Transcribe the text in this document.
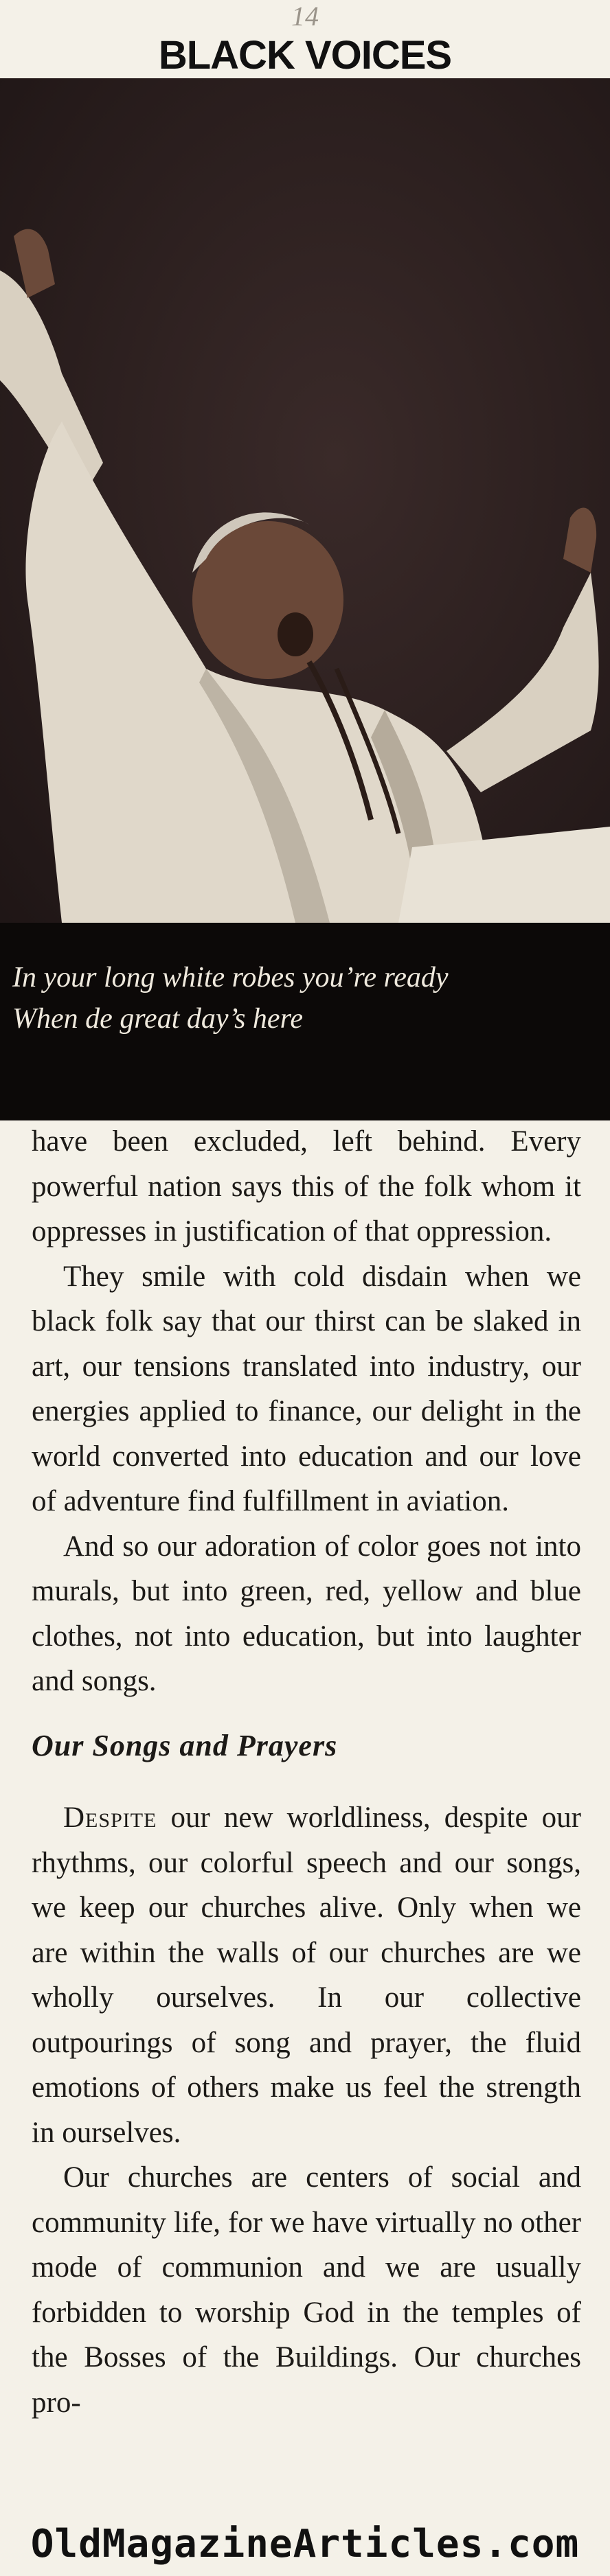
14
BLACK VOICES

In your long white robes you’re ready

When de great day’s here

have been excluded, left behind. Every powerful nation says this of the folk whom it oppresses in justification of that oppression.

They smile with cold disdain when we black folk say that our thirst can be slaked in art, our tensions translated into industry, our energies applied to finance, our delight in the world converted into education and our love of adventure find fulfillment in aviation.

And so our adoration of color goes not into murals, but into green, red, yellow and blue clothes, not into education, but into laughter and songs.

Our Songs and Prayers

Despite our new worldliness, despite our rhythms, our colorful speech and our songs, we keep our churches alive. Only when we are within the walls of our churches are we wholly ourselves. In our collective outpourings of song and prayer, the fluid emotions of others make us feel the strength in ourselves.

Our churches are centers of social and community life, for we have virtually no other mode of communion and we are usually forbidden to worship God in the temples of the Bosses of the Buildings. Our churches pro-

OldMagazineArticles.com
